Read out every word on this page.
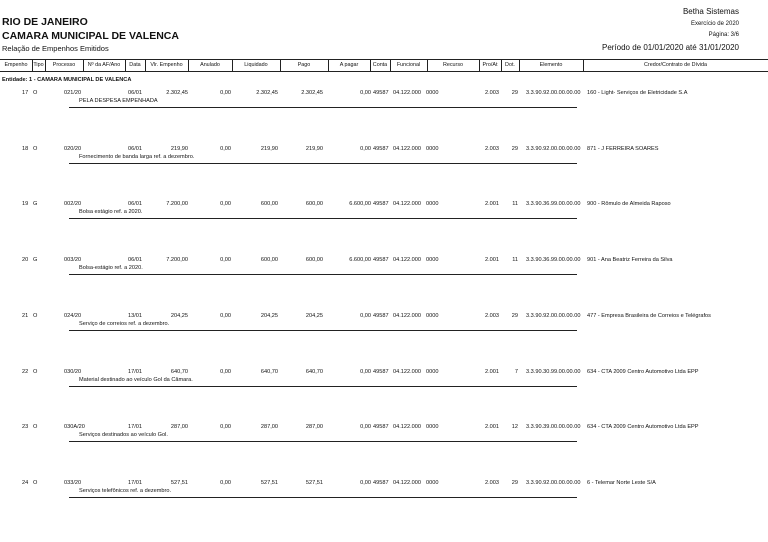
RIO DE JANEIRO
CAMARA MUNICIPAL DE VALENCA
Relação de Empenhos Emitidos
Betha Sistemas
Exercício de 2020
Página: 3/6
Período de 01/01/2020 até 31/01/2020
Empenho	Tipo	Processo	Nº da AF/Ano	Data	Vlr. Empenho	Anulado	Liquidado	Pago	A pagar	Conta	Funcional	Recurso	Pro/At	Dot.	Elemento	Credor/Contrato de Dívida
Entidade: 1 - CAMARA MUNICIPAL DE VALENCA
17 O	021/20	06/01	2.302,45	0,00	2.302,45	2.302,45	0,00 49587 04.122.000 0000	2.003	29 3.3.90.92.00.00.00.00 160 - Light- Serviços de Eletricidade S.A
PELA DESPESA EMPENHADA
18 O	020/20	06/01	219,90	0,00	219,90	219,90	0,00 49587 04.122.000 0000	2.003	29 3.3.90.92.00.00.00.00 871 - J FERREIRA SOARES
Fornecimento de banda larga ref. a dezembro.
19 G	002/20	06/01	7.200,00	0,00	600,00	600,00	6.600,00 49587 04.122.000 0000	2.001	11 3.3.90.36.99.00.00.00 900 - Rômulo de Almeida Raposo
Bolsa estágio ref. a 2020.
20 G	003/20	06/01	7.200,00	0,00	600,00	600,00	6.600,00 49587 04.122.000 0000	2.001	11 3.3.90.36.99.00.00.00 901 - Ana Beatriz Ferreira da Silva
Bolsa-estágio ref. a 2020.
21 O	024/20	13/01	204,25	0,00	204,25	204,25	0,00 49587 04.122.000 0000	2.003	29 3.3.90.92.00.00.00.00 477 - Empresa Brasileira de Correios e Telégrafos
Serviço de correios ref. a dezembro.
22 O	030/20	17/01	640,70	0,00	640,70	640,70	0,00 49587 04.122.000 0000	2.001	7 3.3.90.30.99.00.00.00 634 - CTA 2009 Centro Automotivo Ltda EPP
Material destinado ao veículo Gol da Câmara.
23 O	030A/20	17/01	287,00	0,00	287,00	287,00	0,00 49587 04.122.000 0000	2.001	12 3.3.90.39.00.00.00.00 634 - CTA 2009 Centro Automotivo Ltda EPP
Serviços destinados ao veículo Gol.
24 O	033/20	17/01	527,51	0,00	527,51	527,51	0,00 49587 04.122.000 0000	2.003	29 3.3.90.92.00.00.00.00 6 - Telemar Norte Leste S/A
Serviços telefônicos ref. a dezembro.
